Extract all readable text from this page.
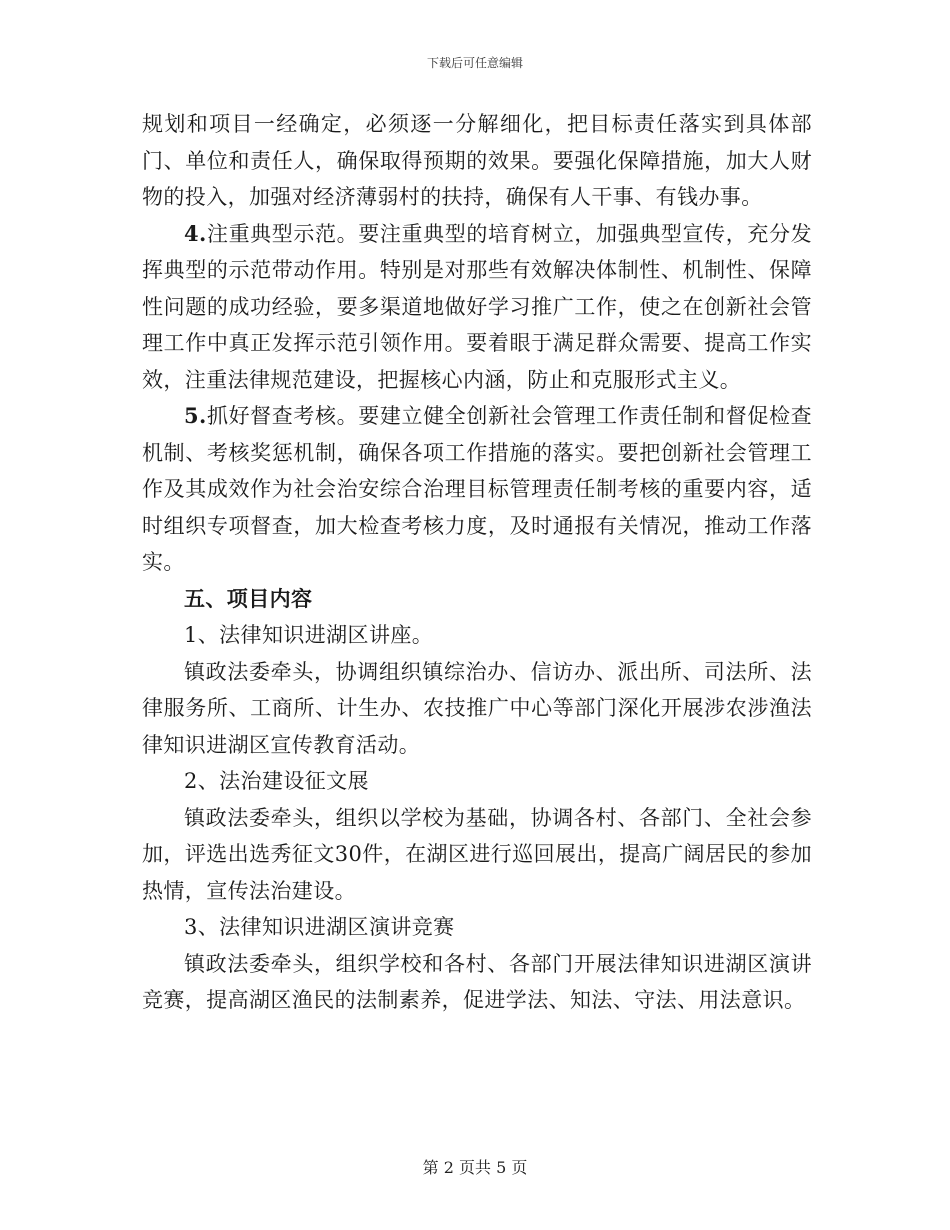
下载后可任意编辑

规划和项目一经确定，必须逐一分解细化，把目标责任落实到具体部门、单位和责任人，确保取得预期的效果。要强化保障措施，加大人财物的投入，加强对经济薄弱村的扶持，确保有人干事、有钱办事。

4.注重典型示范。要注重典型的培育树立，加强典型宣传，充分发挥典型的示范带动作用。特别是对那些有效解决体制性、机制性、保障性问题的成功经验，要多渠道地做好学习推广工作，使之在创新社会管理工作中真正发挥示范引领作用。要着眼于满足群众需要、提高工作实效，注重法律规范建设，把握核心内涵，防止和克服形式主义。

5.抓好督查考核。要建立健全创新社会管理工作责任制和督促检查机制、考核奖惩机制，确保各项工作措施的落实。要把创新社会管理工作及其成效作为社会治安综合治理目标管理责任制考核的重要内容，适时组织专项督查，加大检查考核力度，及时通报有关情况，推动工作落实。

五、项目内容

1、法律知识进湖区讲座。

镇政法委牵头，协调组织镇综治办、信访办、派出所、司法所、法律服务所、工商所、计生办、农技推广中心等部门深化开展涉农涉渔法律知识进湖区宣传教育活动。

2、法治建设征文展

镇政法委牵头，组织以学校为基础，协调各村、各部门、全社会参加，评选出选秀征文30件，在湖区进行巡回展出，提高广阔居民的参加热情，宣传法治建设。

3、法律知识进湖区演讲竞赛

镇政法委牵头，组织学校和各村、各部门开展法律知识进湖区演讲竞赛，提高湖区渔民的法制素养，促进学法、知法、守法、用法意识。

第 2 页共 5 页
